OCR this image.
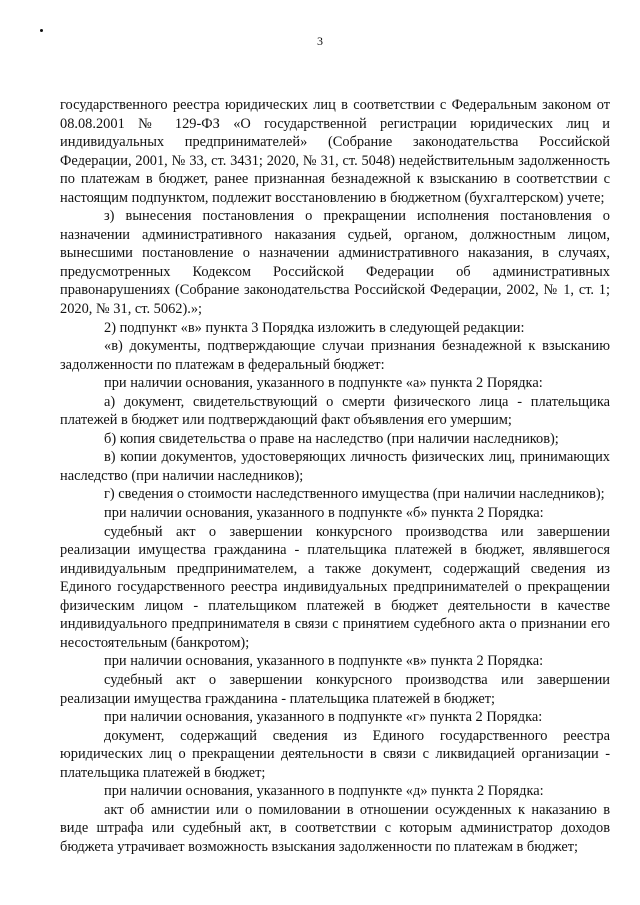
3

государственного реестра юридических лиц в соответствии с Федеральным законом от 08.08.2001 № 129-ФЗ «О государственной регистрации юридических лиц и индивидуальных предпринимателей» (Собрание законодательства Российской Федерации, 2001, № 33, ст. 3431; 2020, № 31, ст. 5048) недействительным задолженность по платежам в бюджет, ранее признанная безнадежной к взысканию в соответствии с настоящим подпунктом, подлежит восстановлению в бюджетном (бухгалтерском) учете;

з) вынесения постановления о прекращении исполнения постановления о назначении административного наказания судьей, органом, должностным лицом, вынесшими постановление о назначении административного наказания, в случаях, предусмотренных Кодексом Российской Федерации об административных правонарушениях (Собрание законодательства Российской Федерации, 2002, № 1, ст. 1; 2020, № 31, ст. 5062).»;

2) подпункт «в» пункта 3 Порядка изложить в следующей редакции:

«в) документы, подтверждающие случаи признания безнадежной к взысканию задолженности по платежам в федеральный бюджет:

при наличии основания, указанного в подпункте «а» пункта 2 Порядка:

а) документ, свидетельствующий о смерти физического лица - плательщика платежей в бюджет или подтверждающий факт объявления его умершим;

б) копия свидетельства о праве на наследство (при наличии наследников);

в) копии документов, удостоверяющих личность физических лиц, принимающих наследство (при наличии наследников);

г) сведения о стоимости наследственного имущества (при наличии наследников);

при наличии основания, указанного в подпункте «б» пункта 2 Порядка:

судебный акт о завершении конкурсного производства или завершении реализации имущества гражданина - плательщика платежей в бюджет, являвшегося индивидуальным предпринимателем, а также документ, содержащий сведения из Единого государственного реестра индивидуальных предпринимателей о прекращении физическим лицом - плательщиком платежей в бюджет деятельности в качестве индивидуального предпринимателя в связи с принятием судебного акта о признании его несостоятельным (банкротом);

при наличии основания, указанного в подпункте «в» пункта 2 Порядка:

судебный акт о завершении конкурсного производства или завершении реализации имущества гражданина - плательщика платежей в бюджет;

при наличии основания, указанного в подпункте «г» пункта 2 Порядка:

документ, содержащий сведения из Единого государственного реестра юридических лиц о прекращении деятельности в связи с ликвидацией организации - плательщика платежей в бюджет;

при наличии основания, указанного в подпункте «д» пункта 2 Порядка:

акт об амнистии или о помиловании в отношении осужденных к наказанию в виде штрафа или судебный акт, в соответствии с которым администратор доходов бюджета утрачивает возможность взыскания задолженности по платежам в бюджет;
